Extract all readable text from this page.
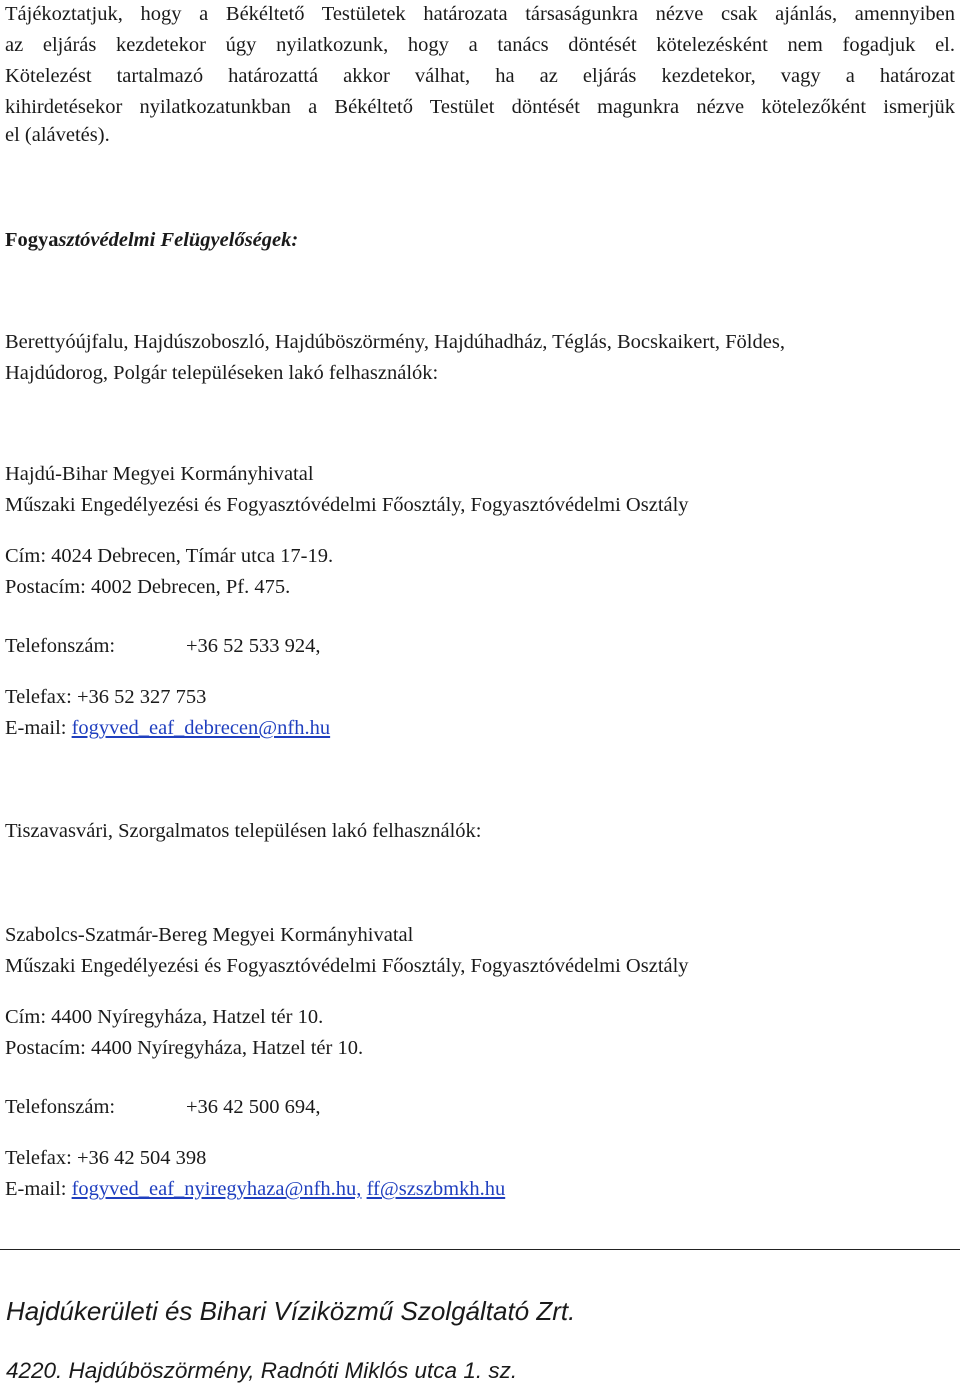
Tájékoztatjuk, hogy a Békéltető Testületek határozata társaságunkra nézve csak ajánlás, amennyiben
az eljárás kezdetekor úgy nyilatkozunk, hogy a tanács döntését kötelezésként nem fogadjuk el.
Kötelezést tartalmazó határozattá akkor válhat, ha az eljárás kezdetekor, vagy a határozat
kihirdetésekor nyilatkozatunkban a Békéltető Testület döntését magunkra nézve kötelezőként ismerjük
el (alávetés).
Fogyasztóvédelmi Felügyelőségek:
Berettyóújfalu, Hajdúszoboszló, Hajdúböszörmény, Hajdúhadház, Téglás, Bocskaikert, Földes,
Hajdúdorog, Polgár településeken lakó felhasználók:
Hajdú-Bihar Megyei Kormányhivatal
Műszaki Engedélyezési és Fogyasztóvédelmi Főosztály, Fogyasztóvédelmi Osztály
Cím: 4024 Debrecen, Tímár utca 17-19.
Postacím: 4002 Debrecen, Pf. 475.
Telefonszám:	+36 52 533 924,
Telefax: +36 52 327 753
E-mail: fogyved_eaf_debrecen@nfh.hu
Tiszavasvári, Szorgalmatos településen lakó felhasználók:
Szabolcs-Szatmár-Bereg Megyei Kormányhivatal
Műszaki Engedélyezési és Fogyasztóvédelmi Főosztály, Fogyasztóvédelmi Osztály
Cím: 4400 Nyíregyháza, Hatzel tér 10.
Postacím: 4400 Nyíregyháza, Hatzel tér 10.
Telefonszám:	+36 42 500 694,
Telefax: +36 42 504 398
E-mail: fogyved_eaf_nyiregyhaza@nfh.hu, ff@szszbmkh.hu
Hajdúkerületi és Bihari Víziközmű Szolgáltató Zrt.
4220. Hajdúböszörmény, Radnóti Miklós utca 1. sz.
